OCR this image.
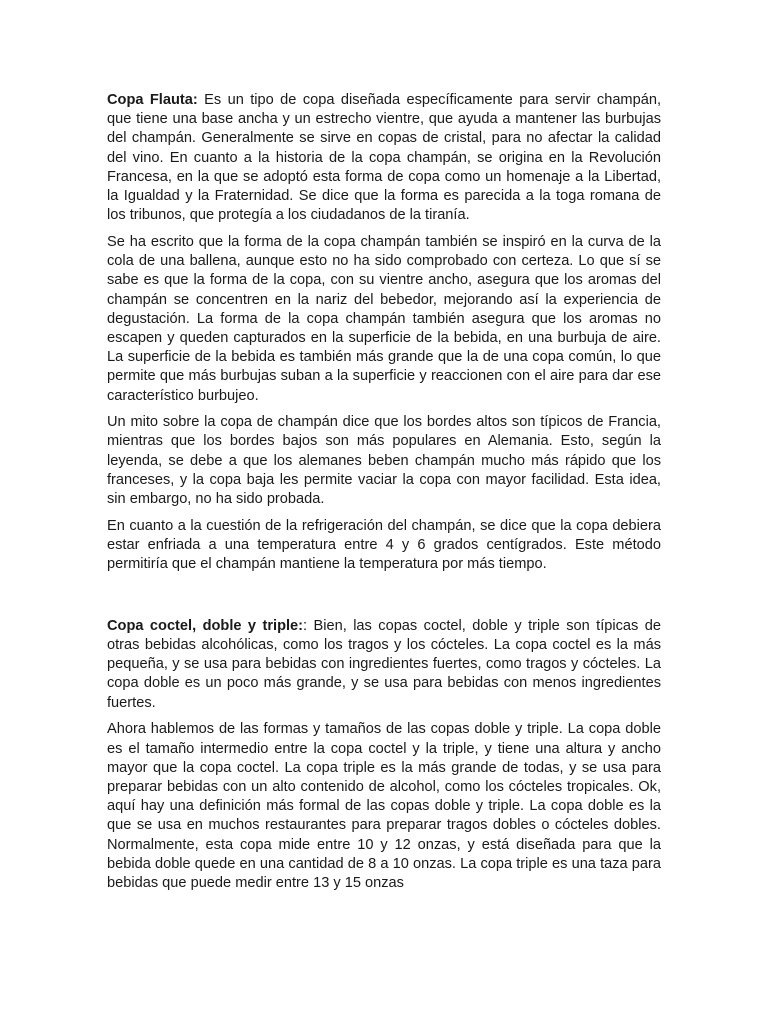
Copa Flauta: Es un tipo de copa diseñada específicamente para servir champán, que tiene una base ancha y un estrecho vientre, que ayuda a mantener las burbujas del champán. Generalmente se sirve en copas de cristal, para no afectar la calidad del vino. En cuanto a la historia de la copa champán, se origina en la Revolución Francesa, en la que se adoptó esta forma de copa como un homenaje a la Libertad, la Igualdad y la Fraternidad. Se dice que la forma es parecida a la toga romana de los tribunos, que protegía a los ciudadanos de la tiranía.

Se ha escrito que la forma de la copa champán también se inspiró en la curva de la cola de una ballena, aunque esto no ha sido comprobado con certeza. Lo que sí se sabe es que la forma de la copa, con su vientre ancho, asegura que los aromas del champán se concentren en la nariz del bebedor, mejorando así la experiencia de degustación. La forma de la copa champán también asegura que los aromas no escapen y queden capturados en la superficie de la bebida, en una burbuja de aire. La superficie de la bebida es también más grande que la de una copa común, lo que permite que más burbujas suban a la superficie y reaccionen con el aire para dar ese característico burbujeo.

Un mito sobre la copa de champán dice que los bordes altos son típicos de Francia, mientras que los bordes bajos son más populares en Alemania. Esto, según la leyenda, se debe a que los alemanes beben champán mucho más rápido que los franceses, y la copa baja les permite vaciar la copa con mayor facilidad. Esta idea, sin embargo, no ha sido probada.

En cuanto a la cuestión de la refrigeración del champán, se dice que la copa debiera estar enfriada a una temperatura entre 4 y 6 grados centígrados. Este método permitiría que el champán mantiene la temperatura por más tiempo.

Copa coctel, doble y triple:: Bien, las copas coctel, doble y triple son típicas de otras bebidas alcohólicas, como los tragos y los cócteles. La copa coctel es la más pequeña, y se usa para bebidas con ingredientes fuertes, como tragos y cócteles. La copa doble es un poco más grande, y se usa para bebidas con menos ingredientes fuertes.

Ahora hablemos de las formas y tamaños de las copas doble y triple. La copa doble es el tamaño intermedio entre la copa coctel y la triple, y tiene una altura y ancho mayor que la copa coctel. La copa triple es la más grande de todas, y se usa para preparar bebidas con un alto contenido de alcohol, como los cócteles tropicales. Ok, aquí hay una definición más formal de las copas doble y triple. La copa doble es la que se usa en muchos restaurantes para preparar tragos dobles o cócteles dobles. Normalmente, esta copa mide entre 10 y 12 onzas, y está diseñada para que la bebida doble quede en una cantidad de 8 a 10 onzas. La copa triple es una taza para bebidas que puede medir entre 13 y 15 onzas
